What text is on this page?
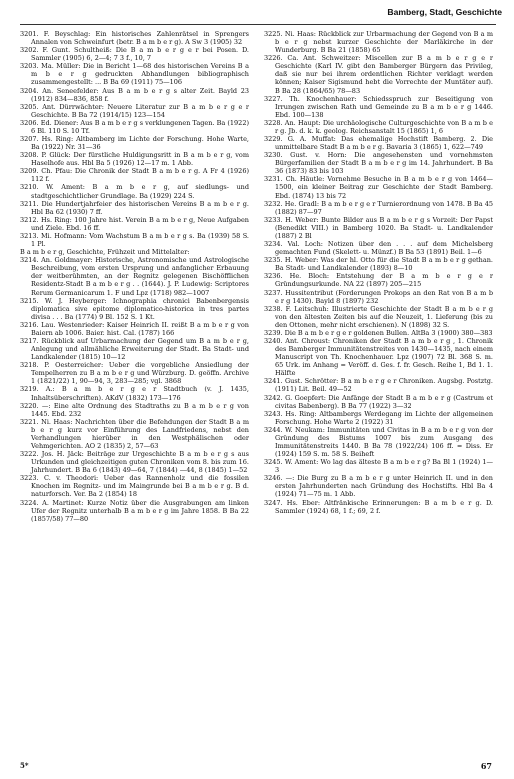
Bamberg, Stadt, Geschichte

3201. F. Beyschlag: Ein historisches Zahlenrätsel in Sprengers Annalen von Schweinfurt (betr. B a m b e r g). A Sw 3 (1905) 32

3202. F. Gunt. Schultheiß: Die B a m b e r g e r bei Posen. D. Sammler (1905) 6, 2—4; 7 3 f., 10, 7

3203. Ma. Müller: Die in Bericht 1—68 des historischen Vereins B a m b e r g gedruckten Abhandlungen bibliographisch zusammengestellt: ... B Ba 69 (1911) 75—106

3204. An. Seneefelder: Aus B a m b e r g s alter Zeit. Bayld 23 (1912) 834—836, 858 f.

3205. Ant. Dürrwächter: Neuere Literatur zur B a m b e r g e r Geschichte. B Ba 72 (1914/15) 123—154

3206. Ed. Diener: Aus B a m b e r g s verklungenen Tagen. Ba (1922) 6 Bl. 110 S. 10 Tf.

3207. Hs. Ring: Altbamberg im Lichte der Forschung. Hohe Warte, Ba (1922) Nr. 31—36

3208. P. Glück: Der fürstliche Huldigungsritt in B a m b e r g, vom Haselhofe aus. Hbl Ba 5 (1926) 12—17 m. 1 Abb.

3209. Ch. Pfau: Die Chronik der Stadt B a m b e r g. A Fr 4 (1926) 112 f.

3210. W. Ament: B a m b e r g, auf siedlungs- und stadtgeschichtlicher Grundlage. Ba (1929) 224 S.

3211. Die Hundertjahrfeier des historischen Vereins B a m b e r g. Hbl Ba 62 (1930) 7 ff.

3212. Hs. Ring: 100 Jahre hist. Verein B a m b e r g, Neue Aufgaben und Ziele. Ebd. 16 ff.

3213. Mi. Hofmann: Vom Wachstum B a m b e r g s. Ba (1939) 58 S. 1 Pl.

B a m b e r g, Geschichte, Frühzeit und Mittelalter:

3214. An. Goldmayer: Historische, Astronomische und Astrologische Beschreibung, vom ersten Ursprung und anfanglicher Erbauung der weitberühmten, an der Regnitz gelegenen Bischöfflichen Residentz-Stadt B a m b e r g . . (1644). J. P. Ludewig: Scriptores Rerum Germanicarum 1. F und Lpz (1718) 982—1007

3215. W. J. Heyberger: Ichnographia chronici Babenbergensis diplomatica sive epitome diplomatico-historica in tres partes divisa . . . Ba (1774) 9 Bl. 152 S. 1 Kt.

3216. Lau. Westenrieder: Kaiser Heinrich II. reißt B a m b e r g von Baiern ab 1006. Baier. hist. Cal. (1787) 166

3217. Rückblick auf Urbarmachung der Gegend um B a m b e r g, Anlegung und allmähliche Erweiterung der Stadt. Ba Stadt- und Landkalender (1815) 10—12

3218. P. Oesterreicher: Ueber die vorgebliche Ansiedlung der Tempelherren zu B a m b e r g und Würzburg. D. geöffn. Archive 1 (1821/22) 1, 90—94, 3, 283—285; vgl. 3868

3219. A.: B a m b e r g e r Stadtbuch (v. J. 1435, Inhaltsüberschriften). AKdV (1832) 173—176

3220. —: Eine alte Ordnung des Stadtraths zu B a m b e r g von 1445. Ebd. 232

3221. Ni. Haas: Nachrichten über die Befehdungen der Stadt B a m b e r g kurz vor Einführung des Landfriedens, nebst den Verhandlungen hierüber in den Westphälischen oder Vehmgerichten. AO 2 (1835) 2, 57—63

3222. Jos. H. Jäck: Beiträge zur Urgeschichte B a m b e r g s aus Urkunden und gleichzeitigen guten Chroniken vom 8. bis zum 16. Jahrhundert. B Ba 6 (1843) 49—64, 7 (1844) —44, 8 (1845) 1—52

3223. C. v. Theodori: Ueber das Rannenholz und die fossilen Knochen im Regnitz- und im Maingrunde bei B a m b e r g. B d. naturforsch. Ver. Ba 2 (1854) 18

3224. A. Martinet: Kurze Notiz über die Ausgrabungen am linken Ufer der Regnitz unterhalb B a m b e r g im Jahre 1858. B Ba 22 (1857/58) 77—80

3225. Ni. Haas: Rückblick zur Urbarmachung der Gegend von B a m b e r g nebst kurzer Geschichte der Marläkirche in der Wunderburg. B Ba 21 (1858) 65

3226. Ca. Ant. Schweitzer: Miscellen zur B a m b e r g e r Geschichte (Karl IV. gibt den Bamberger Bürgern das Privileg, daß sie nur bei ihrem ordentlichen Richter verklagt werden können; Kaiser Sigismund hebt die Vorrechte der Muntäter auf). B Ba 28 (1864/65) 78—83

3227. Th. Knochenhauer: Schiedsspruch zur Beseitigung von Irrungen zwischen Rath und Gemeinde zu B a m b e r g 1446. Ebd. 100—138

3228. An. Haupt: Die urchäologische Culturgeschichte von B a m b e r g. Jb. d. k. k. geolog. Reichsanstalt 15 (1865) 1, 6

3229. G. A. Muffat: Das ehemalige Hochstift Bamberg. 2. Die unmittelbare Stadt B a m b e r g. Bavaria 3 (1865) 1, 622—749

3230. Gust. v. Horn: Die angesehensten und vornehmsten Bürgerfamilien der Stadt B a m b e r g im 14. Jahrhundert. B Ba 36 (1873) 83 bis 103

3231. Ch. Häutle: Vornehme Besuche in B a m b e r g von 1464—1500, ein kleiner Beitrag zur Geschichte der Stadt Bamberg. Ebd. (1874) 13 bis 72

3232. He. Gradl: B a m b e r g e r Turnierordnung von 1478. B Ba 45 (1882) 87—97

3233. H. Weber: Bunte Bilder aus B a m b e r g s Vorzeit: Der Papst (Benedikt VIII.) in Bamberg 1020. Ba Stadt- u. Landkalender (1887) 2 Bl

3234. Val. Loch: Notizen über den . . . auf dem Michelsberg gemachten Fund (Skelett- u. Münzf.) B Ba 53 (1891) Beil. 1—6

3235. H. Weber: Was der hl. Otto für die Stadt B a m b e r g gethan. Ba Stadt- und Landkalender (1893) 8—10

3236. He. Bloch: Entstehung der B a m b e r g e r Gründungsurkunde. NA 22 (1897) 205—215

3237. Hussitentribut (Forderungen Prokops an den Rat von B a m b e r g 1430). Bayld 8 (1897) 232

3238. F. Leitschuh: Illustrierte Geschichte der Stadt B a m b e r g von den ältesten Zeiten bis auf die Neuzeit, 1. Lieferung (bis zu den Ottonen, mehr nicht erschienen). N (1898) 32 S.

3239. Die B a m b e r g e r goldenen Bullen. AltBa 3 (1900) 380—383

3240. Ant. Chroust: Chroniken der Stadt B a m b e r g , 1. Chronik des Bamberger Immunitätenstreites von 1430—1435, nach einem Manuscript von Th. Knochenhauer. Lpz (1907) 72 Bl. 368 S. m. 65 Urk. im Anhang = Veröff. d. Ges. f. fr. Gesch. Reihe 1, Bd 1. 1. Hälfte

3241. Gust. Schrötter: B a m b e r g e r Chroniken. Augsbg. Postztg. (1911) Lit. Beil. 49—52

3242. G. Goepfert: Die Anfänge der Stadt B a m b e r g (Castrum et civitas Babenberg). B Ba 77 (1922) 3—32

3243. Hs. Ring: Altbambergs Werdegang im Lichte der allgemeinen Forschung. Hohe Warte 2 (1922) 31

3244. W. Neukam: Immunitäten und Civitas in B a m b e r g von der Gründung des Bistums 1007 bis zum Ausgang des Immunitätenstreits 1440. B Ba 78 (1922/24) 106 ff. = Diss. Er (1924) 159 S. m. 58 S. Beiheft

3245. W. Ament: Wo lag das älteste B a m b e r g? Ba Bl 1 (1924) 1—3

3246. —: Die Burg zu B a m b e r g unter Heinrich II. und in den ersten Jahrhunderten nach Gründung des Hochstifts. Hbl Ba 4 (1924) 71—75 m. 1 Abb.

3247. Hs. Eber: Altfränkische Erinnerungen: B a m b e r g. D. Sammler (1924) 68, 1 f.; 69, 2 f.

5*	67
